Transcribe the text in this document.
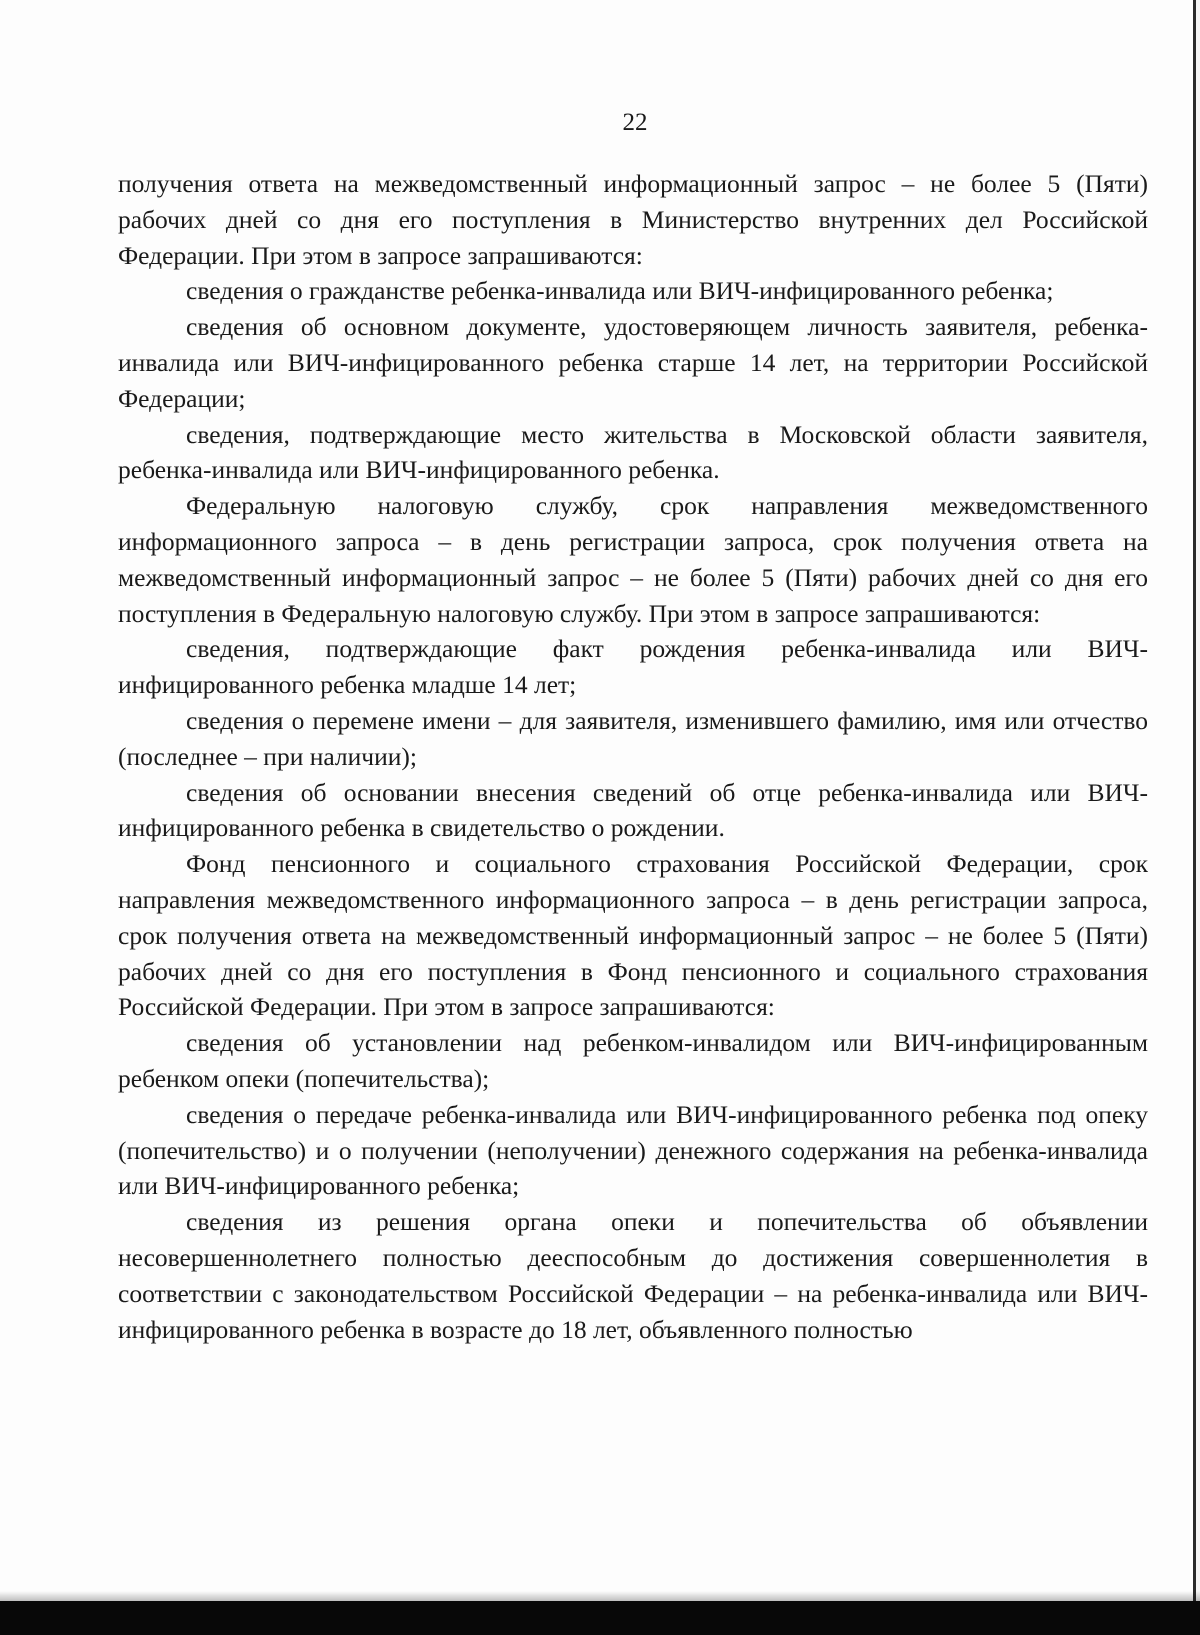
22

получения ответа на межведомственный информационный запрос – не более 5 (Пяти) рабочих дней со дня его поступления в Министерство внутренних дел Российской Федерации. При этом в запросе запрашиваются:

сведения о гражданстве ребенка-инвалида или ВИЧ-инфицированного ребенка;

сведения об основном документе, удостоверяющем личность заявителя, ребенка-инвалида или ВИЧ-инфицированного ребенка старше 14 лет, на территории Российской Федерации;

сведения, подтверждающие место жительства в Московской области заявителя, ребенка-инвалида или ВИЧ-инфицированного ребенка.

Федеральную налоговую службу, срок направления межведомственного информационного запроса – в день регистрации запроса, срок получения ответа на межведомственный информационный запрос – не более 5 (Пяти) рабочих дней со дня его поступления в Федеральную налоговую службу. При этом в запросе запрашиваются:

сведения, подтверждающие факт рождения ребенка-инвалида или ВИЧ-инфицированного ребенка младше 14 лет;

сведения о перемене имени – для заявителя, изменившего фамилию, имя или отчество (последнее – при наличии);

сведения об основании внесения сведений об отце ребенка-инвалида или ВИЧ-инфицированного ребенка в свидетельство о рождении.

Фонд пенсионного и социального страхования Российской Федерации, срок направления межведомственного информационного запроса – в день регистрации запроса, срок получения ответа на межведомственный информационный запрос – не более 5 (Пяти) рабочих дней со дня его поступления в Фонд пенсионного и социального страхования Российской Федерации. При этом в запросе запрашиваются:

сведения об установлении над ребенком-инвалидом или ВИЧ-инфицированным ребенком опеки (попечительства);

сведения о передаче ребенка-инвалида или ВИЧ-инфицированного ребенка под опеку (попечительство) и о получении (неполучении) денежного содержания на ребенка-инвалида или ВИЧ-инфицированного ребенка;

сведения из решения органа опеки и попечительства об объявлении несовершеннолетнего полностью дееспособным до достижения совершеннолетия в соответствии с законодательством Российской Федерации – на ребенка-инвалида или ВИЧ-инфицированного ребенка в возрасте до 18 лет, объявленного полностью
